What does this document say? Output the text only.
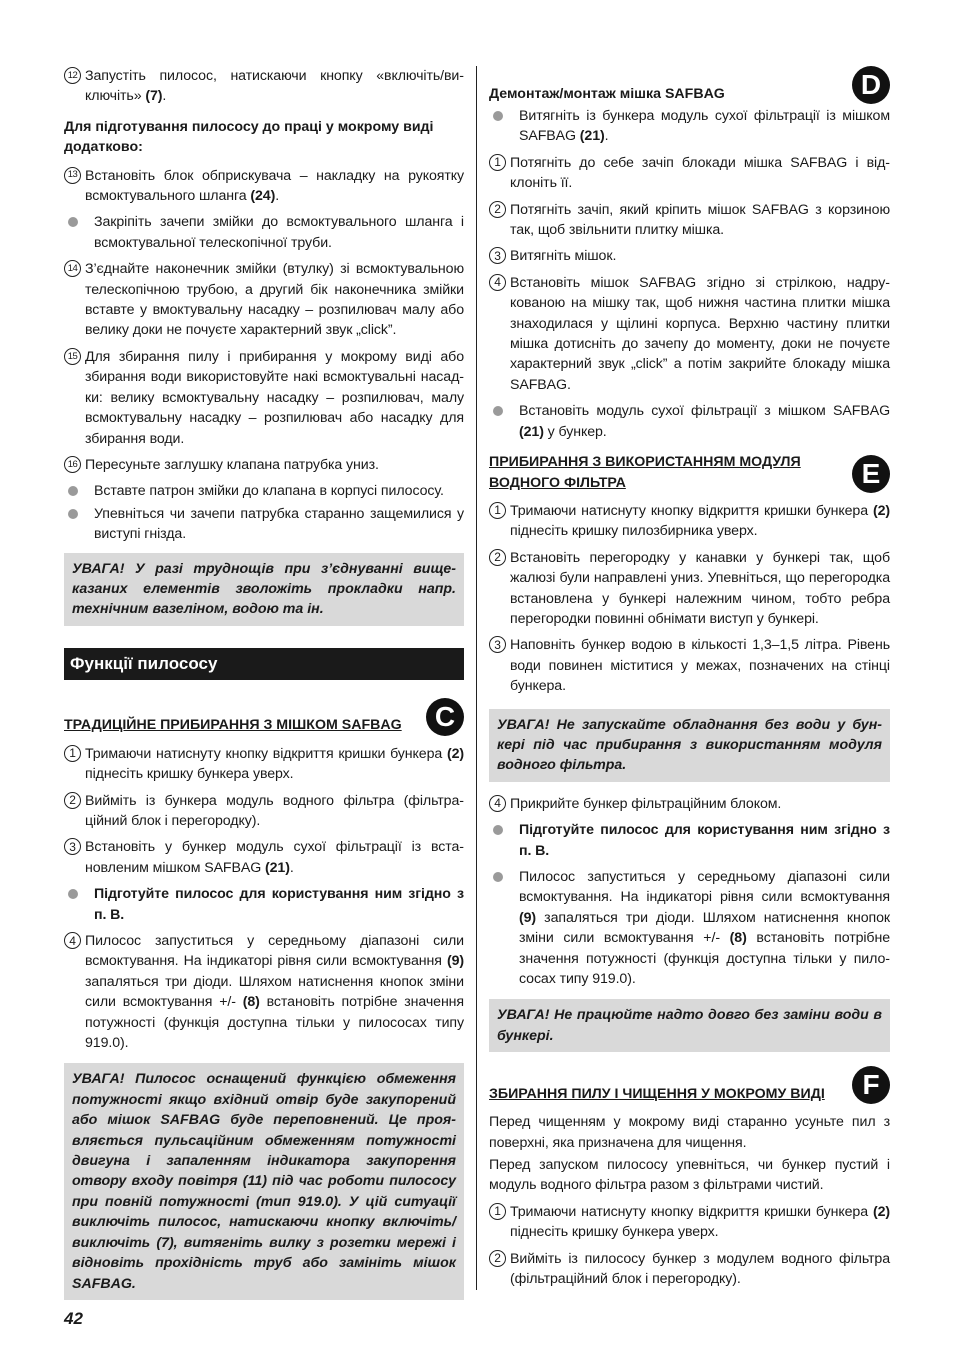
12 Запустіть пилосос, натискаючи кнопку «включіть/виключіть» (7).

Для підготування пилососу до праці у мокрому виді додатково:

13 Встановіть блок обприскувача – накладку на рукоятку всмоктувального шланга (24).
Закріпіть зачепи змійки до всмоктувального шланга і всмоктувальної телескопічної труби.
14 З’єднайте наконечник змійки (втулку) зі всмоктувальною телескопічною трубою, а другий бік наконечника змійки вставте у вмоктувальну насадку – розпилювач малу або велику доки не почуєте характерний звук „click”.
15 Для збирання пилу і прибирання у мокрому виді або збирання води використовуйте накі всмоктувальні насадки: велику всмоктувальну насадку – розпилювач, малу всмоктувальну насадку – розпилювач або насадку для збирання води.
16 Пересуньте заглушку клапана патрубка униз.
Вставте патрон змійки до клапана в корпусі пилососу.
Упевніться чи зачепи патрубка старанно защемилися у виступі гнізда.
УВАГА! У разі труднощів при з’єднуванні вищеказаних елементів зволожіть прокладки напр. технічним вазеліном, водою та ін.
Функції пилососу
ТРАДИЦІЙНЕ ПРИБИРАННЯ З МІШКОМ SAFBAG	C
1 Тримаючи натиснуту кнопку відкриття кришки бункера (2) піднесіть кришку бункера уверх.
2 Вийміть із бункера модуль водного фільтра (фільтраційний блок і перегородку).
3 Встановіть у бункер модуль сухої фільтрації із встановленим мішком SAFBAG (21).
Підготуйте пилосос для користування ним згідно з п. B.
4 Пилосос запуститься у середньому діапазоні сили всмоктування. На індикаторі рівня сили всмоктування (9) запаляться три діоди. Шляхом натиснення кнопок зміни сили всмоктування +/- (8) встановіть потрібне значення потужності (функція доступна тільки у пилососах типу 919.0).
УВАГА! Пилосос оснащений функцією обмеження потужності якщо вхідний отвір буде закупорений або мішок SAFBAG буде переповнений. Це проявляється пульсаційним обмеженням потужності двигуна і запаленням індикатора закупорення отвору входу повітря (11) під час роботи пилососу при повній потужності (тип 919.0). У цій ситуації виключіть пилосос, натискаючи кнопку включіть/виключіть (7), витягніть вилку з розетки мережі і відновіть прохідність труб або замініть мішок SAFBAG.
Демонтаж/монтаж мішка SAFBAG	D
Витягніть із бункера модуль сухої фільтрації із мішком SAFBAG (21).
1 Потягніть до себе зачіп блокади мішка SAFBAG і відклоніть її.
2 Потягніть зачіп, який кріпить мішок SAFBAG з корзиною так, щоб звільнити плитку мішка.
3 Витягніть мішок.
4 Встановіть мішок SAFBAG згідно зі стрілкою, надрукованою на мішку так, щоб нижня частина плитки мішка знаходилася у щілині корпуса. Верхню частину плитки мішка дотисніть до зачепу до моменту, доки не почуєте характерний звук „click” а потім закрийте блокаду мішка SAFBAG.
Встановіть модуль сухої фільтрації з мішком SAFBAG (21) у бункер.
ПРИБИРАННЯ З ВИКОРИСТАННЯМ МОДУЛЯ ВОДНОГО ФІЛЬТРА	E
1 Тримаючи натиснуту кнопку відкриття кришки бункера (2) піднесіть кришку пилозбирника уверх.
2 Встановіть перегородку у канавки у бункері так, щоб жалюзі були направлені униз. Упевніться, що перегородка встановлена у бункері належним чином, тобто ребра перегородки повинні обнімати виступ у бункері.
3 Наповніть бункер водою в кількості 1,3–1,5 літра. Рівень води повинен міститися у межах, позначених на стінці бункера.
УВАГА! Не запускайте обладнання без води у бункері під час прибирання з використанням модуля водного фільтра.
4 Прикрийте бункер фільтраційним блоком.
Підготуйте пилосос для користування ним згідно з п. B.
Пилосос запуститься у середньому діапазоні сили всмоктування. На індикаторі рівня сили всмоктування (9) запаляться три діоди. Шляхом натиснення кнопок зміни сили всмоктування +/- (8) встановіть потрібне значення потужності (функція доступна тільки у пилососах типу 919.0).
УВАГА! Не працюйте надто довго без заміни води в бункері.
ЗБИРАННЯ ПИЛУ І ЧИЩЕННЯ У МОКРОМУ ВИДІ	F

Перед чищенням у мокрому виді старанно усуньте пил з поверхні, яка призначена для чищення.

Перед запуском пилососу упевніться, чи бункер пустий і модуль водного фільтра разом з фільтрами чистий.

1 Тримаючи натиснуту кнопку відкриття кришки бункера (2) піднесіть кришку бункера уверх.
2 Вийміть із пилососу бункер з модулем водного фільтра (фільтраційний блок і перегородку).
42
